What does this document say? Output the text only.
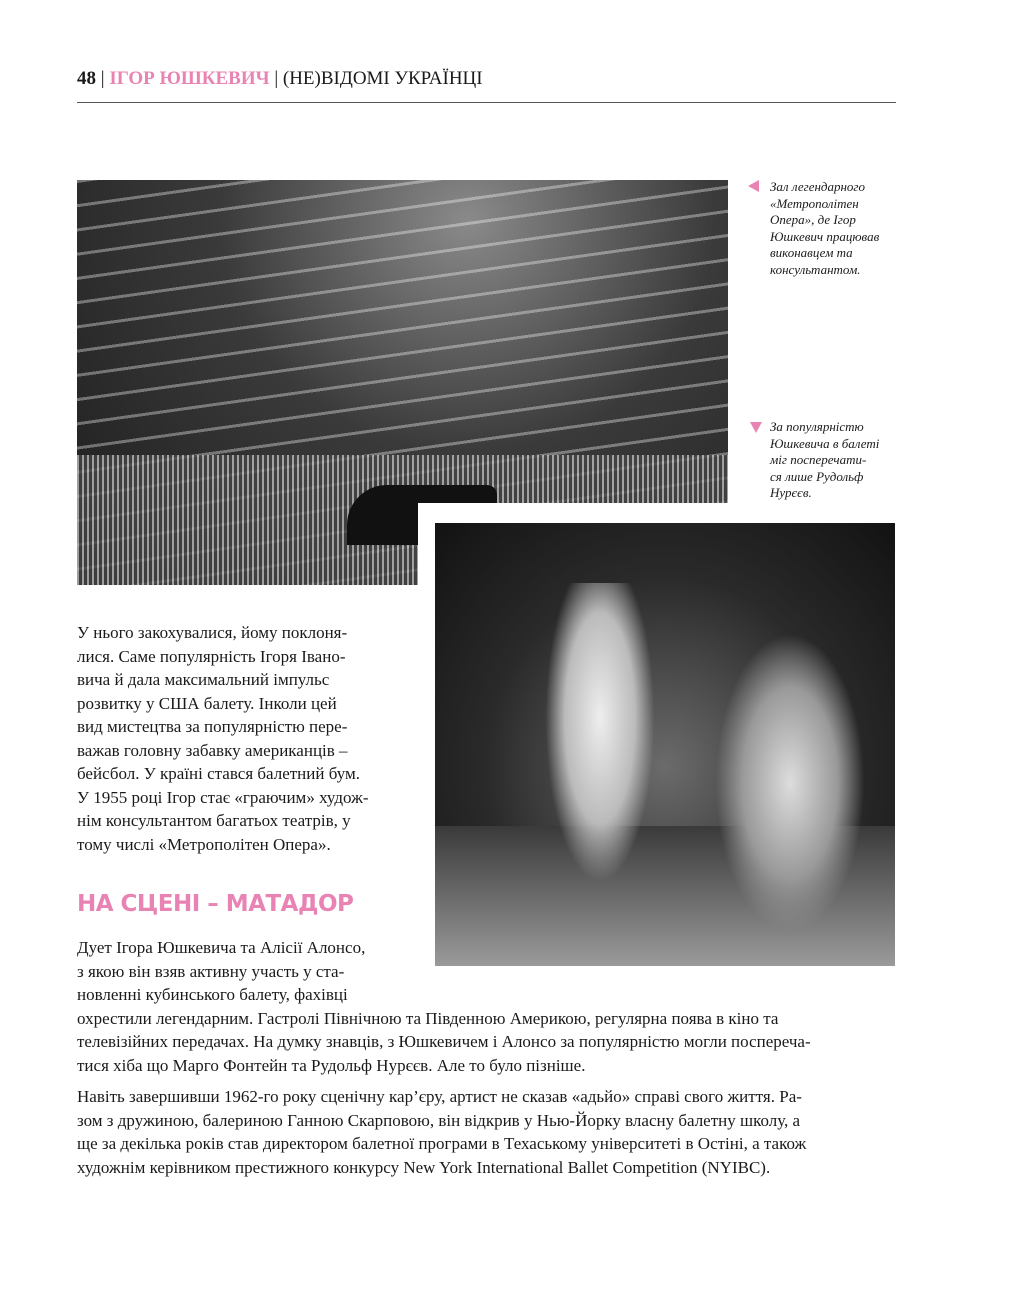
48 | ІГОР ЮШКЕВИЧ | (НЕ)ВІДОМІ УКРАЇНЦІ
Зал легендарного
«Метрополітен
Опера», де Ігор
Юшкевич працював
виконавцем та
консультантом.
За популярністю
Юшкевича в балеті
міг посперечати-
ся лише Рудольф
Нурєєв.
У нього закохувалися, йому поклоня-
лися. Саме популярність Ігоря Івано-
вича й дала максимальний імпульс
розвитку у США балету. Інколи цей
вид мистецтва за популярністю пере-
важав головну забавку американців –
бейсбол. У країні стався балетний бум.
У 1955 році Ігор стає «граючим» худож-
нім консультантом багатьох театрів, у
тому числі «Метрополітен Опера».
НА СЦЕНІ – МАТАДОР
Дует Ігора Юшкевича та Алісії Алонсо,
з якою він взяв активну участь у ста-
новленні кубинського балету, фахівці
охрестили легендарним. Гастролі Північною та Південною Америкою, регулярна поява в кіно та
телевізійних передачах. На думку знавців, з Юшкевичем і Алонсо за популярністю могли посперечa-
тися хіба що Марго Фонтейн та Рудольф Нурєєв. Але то було пізніше.
Навіть завершивши 1962-го року сценічну кар’єру, артист не сказав «адьйо» справі свого життя. Ра-
зом з дружиною, балериною Ганною Скарповою, він відкрив у Нью-Йорку власну балетну школу, а
ще за декілька років став директором балетної програми в Техаському університеті в Остіні, а також
художнім керівником престижного конкурсу New York International Ballet Competition (NYIBC).
